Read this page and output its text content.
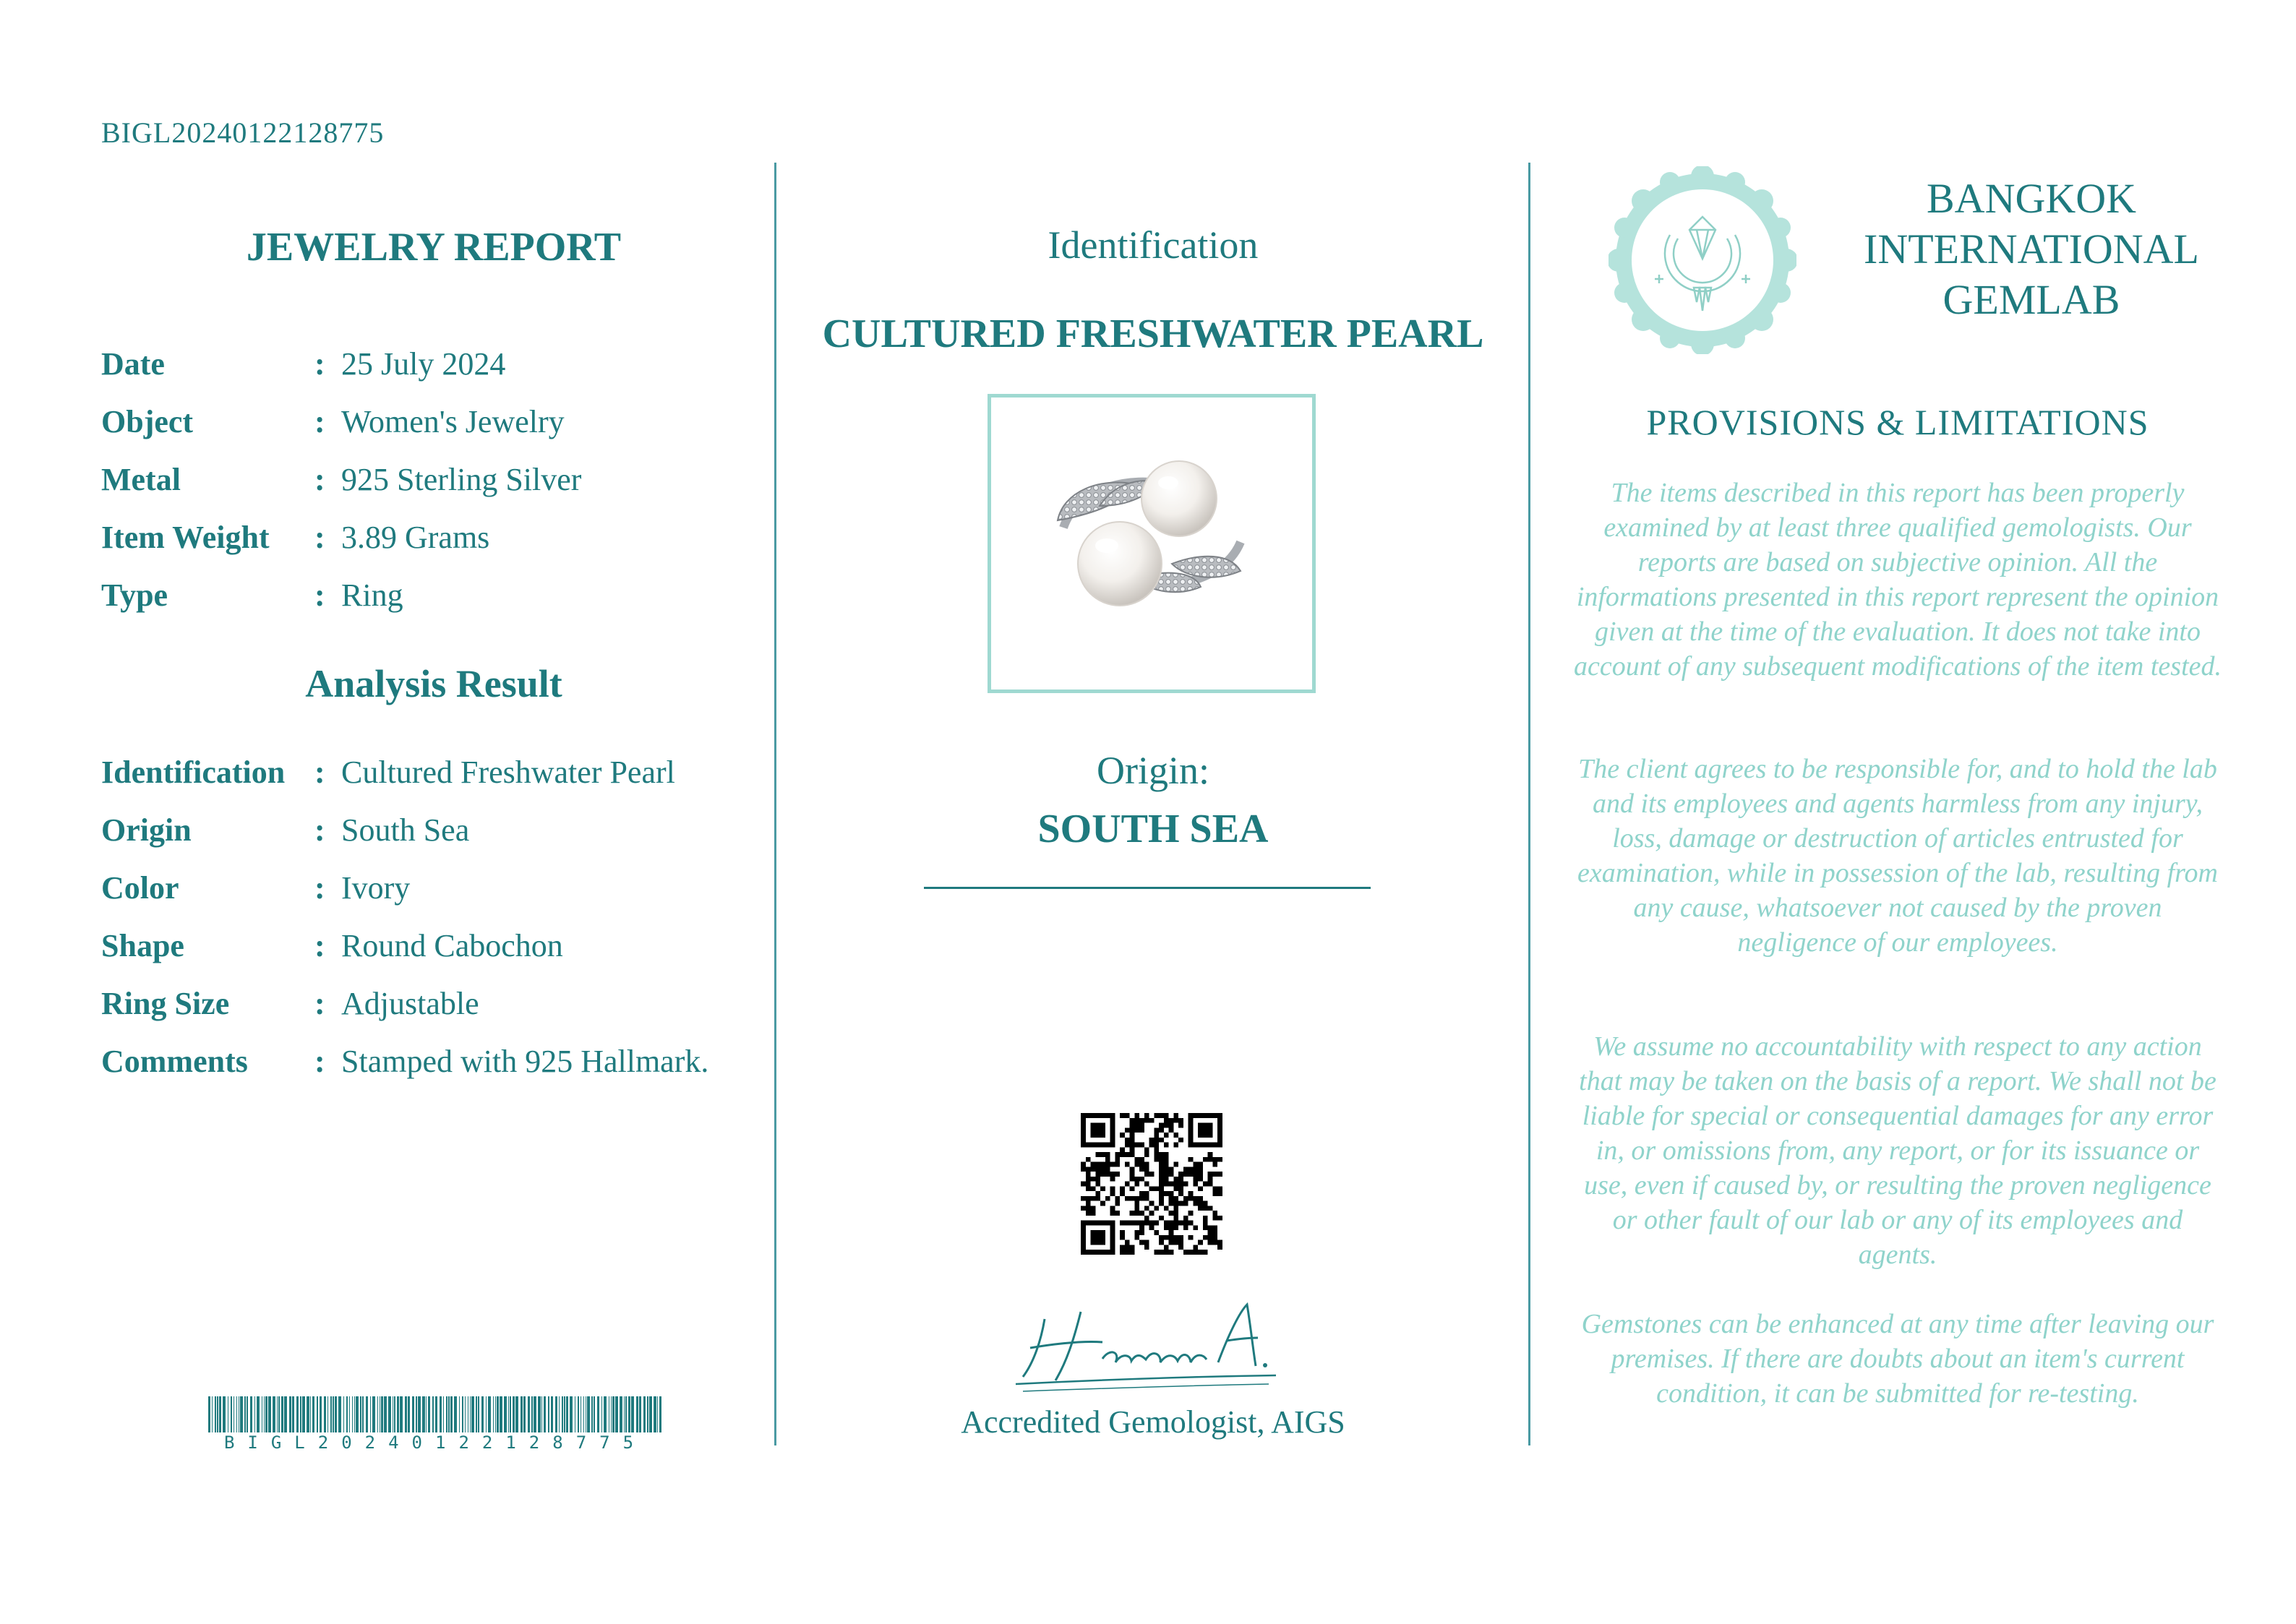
BIGL20240122128775
JEWELRY REPORT
Date	: 25 July 2024
Object	: Women's Jewelry
Metal	: 925 Sterling Silver
Item Weight : 3.89 Grams
Type	: Ring
Analysis Result
Identification : Cultured Freshwater Pearl
Origin	: South Sea
Color	: Ivory
Shape	: Round Cabochon
Ring Size	: Adjustable
Comments : Stamped with 925 Hallmark.
BIGL20240122128775
Identification
CULTURED FRESHWATER PEARL
Origin:
SOUTH SEA
Accredited Gemologist, AIGS
BANGKOK INTERNATIONAL GEMLAB
PROVISIONS & LIMITATIONS
The items described in this report has been properly examined by at least three qualified gemologists. Our reports are based on subjective opinion. All the informations presented in this report represent the opinion given at the time of the evaluation. It does not take into account of any subsequent modifications of the item tested.
The client agrees to be responsible for, and to hold the lab and its employees and agents harmless from any injury, loss, damage or destruction of articles entrusted for examination, while in possession of the lab, resulting from any cause, whatsoever not caused by the proven negligence of our employees.
We assume no accountability with respect to any action that may be taken on the basis of a report. We shall not be liable for special or consequential damages for any error in, or omissions from, any report, or for its issuance or use, even if caused by, or resulting the proven negligence or other fault of our lab or any of its employees and agents.
Gemstones can be enhanced at any time after leaving our premises. If there are doubts about an item's current condition, it can be submitted for re-testing.
